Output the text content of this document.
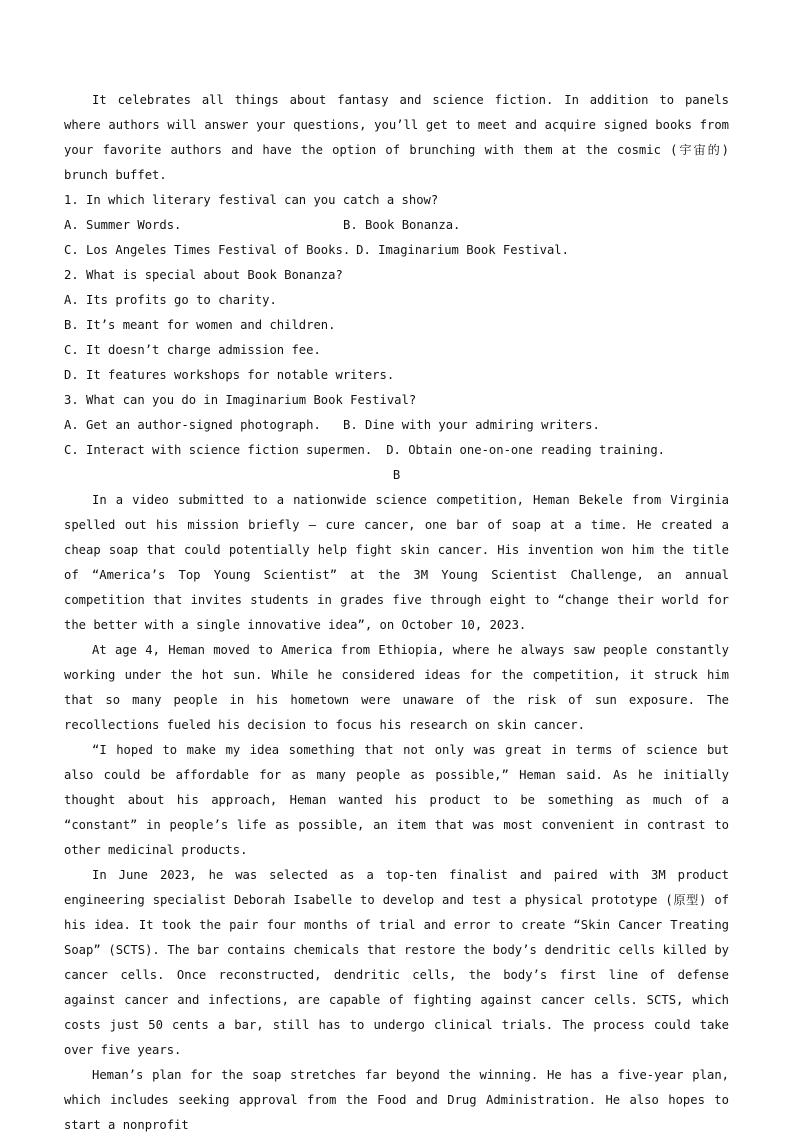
It celebrates all things about fantasy and science fiction. In addition to panels where authors will answer your questions, you’ll get to meet and acquire signed books from your favorite authors and have the option of brunching with them at the cosmic (宇宙的) brunch buffet.

1. In which literary festival can you catch a show?

A. Summer Words.	B. Book Bonanza.
C. Los Angeles Times Festival of Books. D. Imaginarium Book Festival.

2. What is special about Book Bonanza?

A. Its profits go to charity.

B. It’s meant for women and children.

C. It doesn’t charge admission fee.

D. It features workshops for notable writers.

3. What can you do in Imaginarium Book Festival?

A. Get an author-signed photograph.	B. Dine with your admiring writers.
C. Interact with science fiction supermen. D. Obtain one-on-one reading training.

B

In a video submitted to a nationwide science competition, Heman Bekele from Virginia spelled out his mission briefly — cure cancer, one bar of soap at a time. He created a cheap soap that could potentially help fight skin cancer. His invention won him the title of “America’s Top Young Scientist” at the 3M Young Scientist Challenge, an annual competition that invites students in grades five through eight to “change their world for the better with a single innovative idea”, on October 10, 2023.

At age 4, Heman moved to America from Ethiopia, where he always saw people constantly working under the hot sun. While he considered ideas for the competition, it struck him that so many people in his hometown were unaware of the risk of sun exposure. The recollections fueled his decision to focus his research on skin cancer.

“I hoped to make my idea something that not only was great in terms of science but also could be affordable for as many people as possible,” Heman said. As he initially thought about his approach, Heman wanted his product to be something as much of a “constant” in people’s life as possible, an item that was most convenient in contrast to other medicinal products.

In June 2023, he was selected as a top-ten finalist and paired with 3M product engineering specialist Deborah Isabelle to develop and test a physical prototype (原型) of his idea. It took the pair four months of trial and error to create “Skin Cancer Treating Soap” (SCTS). The bar contains chemicals that restore the body’s dendritic cells killed by cancer cells. Once reconstructed, dendritic cells, the body’s first line of defense against cancer and infections, are capable of fighting against cancer cells. SCTS, which costs just 50 cents a bar, still has to undergo clinical trials. The process could take over five years.

Heman’s plan for the soap stretches far beyond the winning. He has a five-year plan, which includes seeking approval from the Food and Drug Administration. He also hopes to start a nonprofit
